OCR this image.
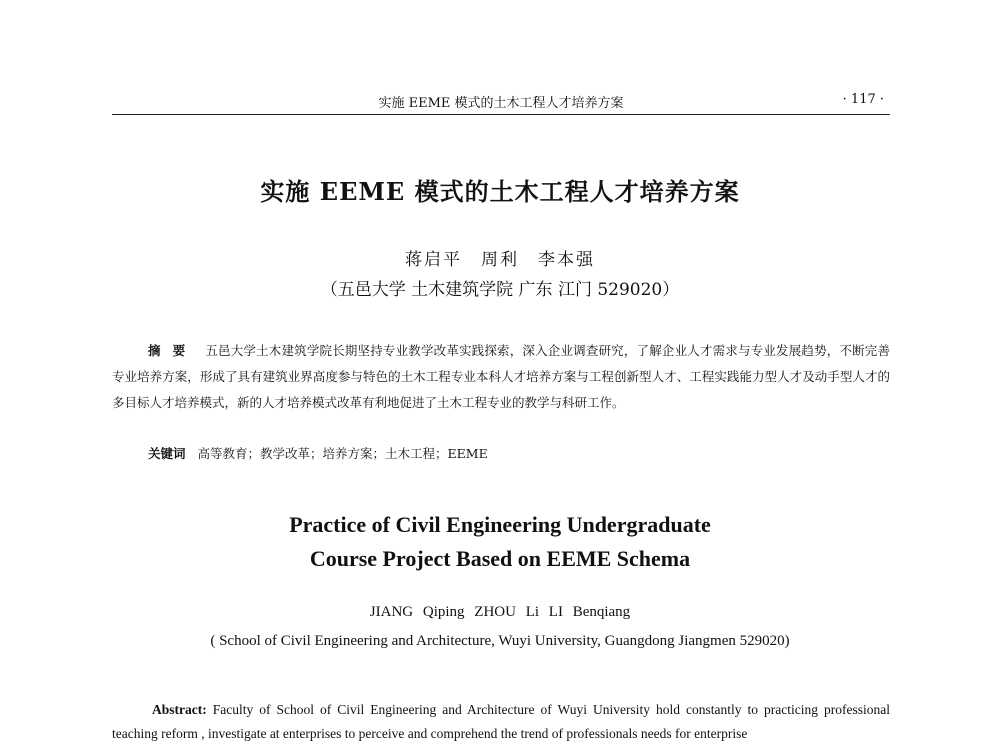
实施 EEME 模式的土木工程人才培养方案	· 117 ·
实施 EEME 模式的土木工程人才培养方案
蒋启平　周利　李本强
（五邑大学 土木建筑学院 广东 江门 529020）
摘要 五邑大学土木建筑学院长期坚持专业教学改革实践探索，深入企业调查研究，了解企业人才需求与专业发展趋势，不断完善专业培养方案，形成了具有建筑业界高度参与特色的土木工程专业本科人才培养方案与工程创新型人才、工程实践能力型人才及动手型人才的多目标人才培养模式，新的人才培养模式改革有利地促进了土木工程专业的教学与科研工作。
关键词 高等教育；教学改革；培养方案；土木工程；EEME
Practice of Civil Engineering Undergraduate
Course Project Based on EEME Schema
JIANG Qiping ZHOU Li LI Benqiang
( School of Civil Engineering and Architecture, Wuyi University, Guangdong Jiangmen 529020)
Abstract: Faculty of School of Civil Engineering and Architecture of Wuyi University hold constantly to practicing professional teaching reform , investigate at enterprises to perceive and comprehend the trend of professionals needs for enterprise
